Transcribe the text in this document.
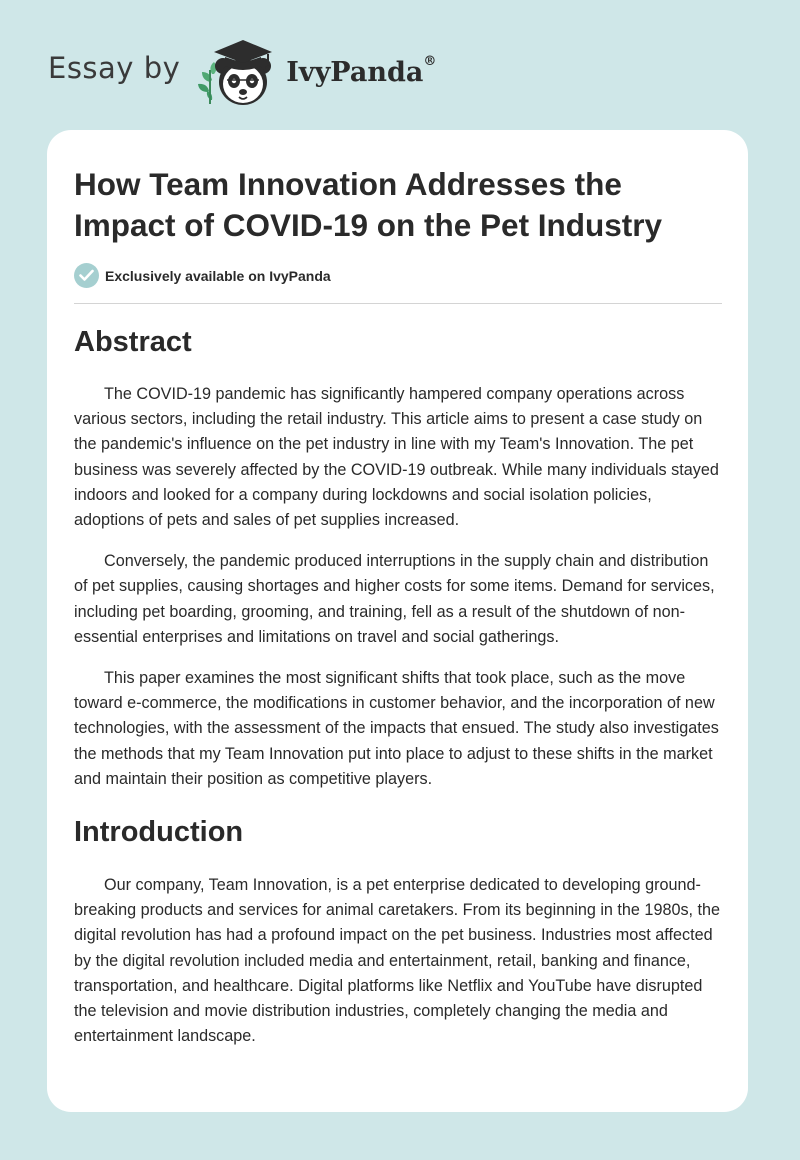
Essay by	IvyPanda®
How Team Innovation Addresses the Impact of COVID-19 on the Pet Industry
Exclusively available on IvyPanda
Abstract

The COVID-19 pandemic has significantly hampered company operations across various sectors, including the retail industry. This article aims to present a case study on the pandemic's influence on the pet industry in line with my Team's Innovation. The pet business was severely affected by the COVID-19 outbreak. While many individuals stayed indoors and looked for a company during lockdowns and social isolation policies, adoptions of pets and sales of pet supplies increased.

Conversely, the pandemic produced interruptions in the supply chain and distribution of pet supplies, causing shortages and higher costs for some items. Demand for services, including pet boarding, grooming, and training, fell as a result of the shutdown of non-essential enterprises and limitations on travel and social gatherings.

This paper examines the most significant shifts that took place, such as the move toward e-commerce, the modifications in customer behavior, and the incorporation of new technologies, with the assessment of the impacts that ensued. The study also investigates the methods that my Team Innovation put into place to adjust to these shifts in the market and maintain their position as competitive players.

Introduction

Our company, Team Innovation, is a pet enterprise dedicated to developing ground-breaking products and services for animal caretakers. From its beginning in the 1980s, the digital revolution has had a profound impact on the pet business. Industries most affected by the digital revolution included media and entertainment, retail, banking and finance, transportation, and healthcare. Digital platforms like Netflix and YouTube have disrupted the television and movie distribution industries, completely changing the media and entertainment landscape.
